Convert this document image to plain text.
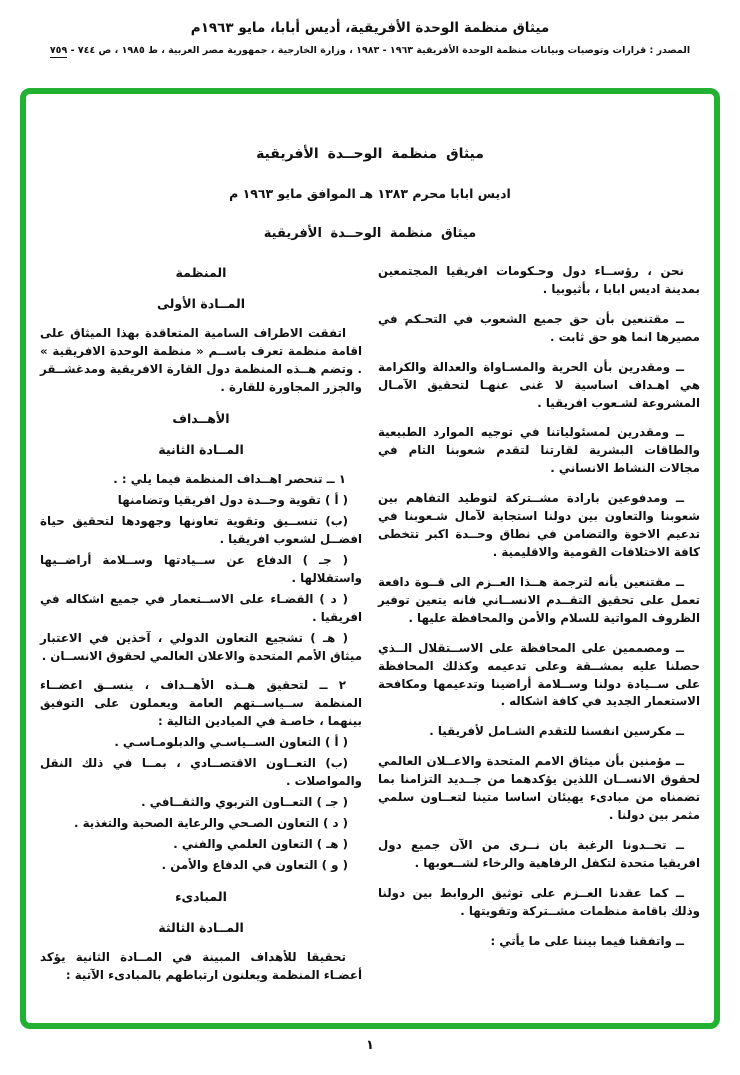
ميثاق منظمة الوحدة الأفريقية، أديس أبابا، مايو ١٩٦٣م
المصدر : قرارات وتوصيات وبيانات منظمة الوحدة الأفريقية ١٩٦٣ - ١٩٨٣ ، وزارة الخارجية ، جمهورية مصر العربية ، ط ١٩٨٥ ، ص ٧٤٤ - ٧٥٩
ميثاق منظمة الوحــدة الأفريقية
اديس ابابا محرم ١٣٨٣ هـ الموافق مايو ١٩٦٣ م
ميثاق منظمة الوحــدة الأفريقية
نحن ، رؤســاء دول وحـكومات افريقيا المجتمعين بمدينة اديس ابابا ، بأثيوبيا .
ــ مقتنعين بأن حق جميع الشعوب في التحـكم في مصيرها انما هو حق ثابت .
ــ ومقدرين بأن الحرية والمسـاواة والعدالة والكرامة هي اهـداف اساسية لا غنى عنهـا لتحقيق الآمـال المشروعة لشـعوب افريقيا .
ــ ومقدرين لمسئولياتنا في توجيه الموارد الطبيعية والطاقات البشرية لقارتنا لتقدم شعوبنا التام في مجالات النشاط الانساني .
ــ ومدفوعين بارادة مشــتركة لتوطيد التفاهم بين شعوبنا والتعاون بين دولنا استجابة لآمال شـعوبنا في تدعيم الاخوة والتضامن في نطاق وحــدة اكبر تتخطى كافة الاختلافات القومية والاقليمية .
ــ مقتنعين بأنه لترجمة هــذا العــزم الى قــوة دافعة تعمل على تحقيق التقــدم الانســاني فانه يتعين توفير الظروف المواتية للسلام والأمن والمحافظة عليها .
ــ ومصممين على المحافظة على الاســتقلال الــذي حصلنا عليه بمشــقة وعلى تدعيمه وكذلك المحافظة على ســيادة دولنا وســلامة أراضينا وتدعيمها ومكافحة الاستعمار الجديد في كافة اشكاله .
ــ مكرسين انفسنا للتقدم الشـامل لأفريقيا .
ــ مؤمنين بأن ميثاق الامم المتحدة والاعــلان العالمي لحقوق الانســان اللذين يؤكدهما من جــديد التزامنا بما تضمناه من مبادىء يهيئان اساسا متينا لتعــاون سلمي مثمر بين دولنا .
ــ تحــدونا الرغبة بان نــرى من الآن جميع دول افريقيا متحدة لتكفل الرفاهية والرخاء لشــعوبها .
ــ كما عقدنا العــزم على توثيق الروابط بين دولنا وذلك باقامة منظمات مشــتركة وتقويتها .
ــ واتفقنا فيما بيننا على ما يأتي :
المنظمة
المــادة الأولى
اتفقت الاطراف السامية المتعاقدة بهذا الميثاق على اقامة منظمة تعرف باســم « منظمة الوحدة الافريقية » . وتضم هــذه المنظمة دول القارة الافريقية ومدغشــقر والجزر المجاورة للقارة .
الأهــداف
المــادة الثانية
١ ــ تنحصر اهــداف المنظمة فيما يلي : .
( أ ) تقوية وحــدة دول افريقيا وتضامنها
(ب) تنســيق وتقوية تعاونها وجهودها لتحقيق حياة افضــل لشعوب افريقيا .
( جـ ) الدفاع عن ســيادتها وســلامة أراضــيها واستقلالها .
( د ) القضـاء على الاســتعمار في جميع اشكاله في افريقيا .
( هـ ) تشجيع التعاون الدولي ، آخذين في الاعتبار ميثاق الأمم المتحدة والاعلان العالمي لحقوق الانســان .
٢ ــ لتحقيق هــذه الأهــداف ، ينســق اعضــاء المنظمة ســياســتهم العامة ويعملون على التوفيق بينهما ، خاصـة في الميادين التالية :
( أ ) التعاون الســياسـي والدبلومـاسـي .
(ب) التعــاون الاقتصــادي ، بمــا في ذلك النقل والمواصلات .
( جـ ) التعــاون التربوي والثقــافي .
( د ) التعاون الصـحي والرعاية الصحية والتغذية .
( هـ ) التعاون العلمي والفني .
( و ) التعاون في الدفاع والأمن .
المبادىء
المــادة الثالثة
تحقيقا للأهداف المبينة في المــادة الثانية يؤكد أعضـاء المنظمة ويعلنون ارتباطهم بالمبادىء الآتية :
١
